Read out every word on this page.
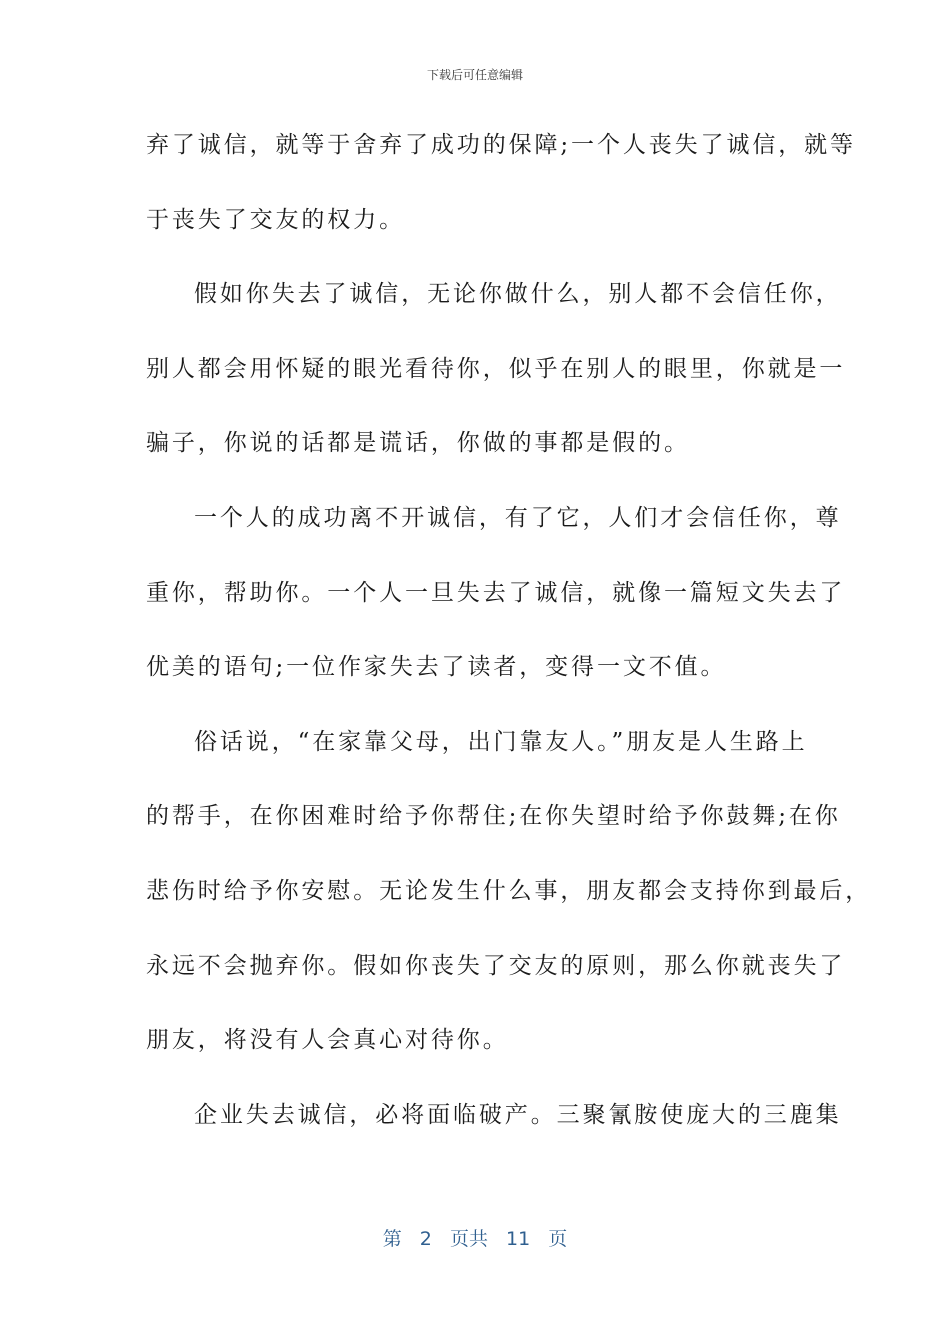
下载后可任意编辑
弃了诚信，就等于舍弃了成功的保障;一个人丧失了诚信，就等
于丧失了交友的权力。
假如你失去了诚信，无论你做什么，别人都不会信任你，
别人都会用怀疑的眼光看待你，似乎在别人的眼里，你就是一
骗子，你说的话都是谎话，你做的事都是假的。
一个人的成功离不开诚信，有了它，人们才会信任你，尊
重你，帮助你。一个人一旦失去了诚信，就像一篇短文失去了
优美的语句;一位作家失去了读者，变得一文不值。
俗话说，“在家靠父母，出门靠友人。”朋友是人生路上
的帮手，在你困难时给予你帮住;在你失望时给予你鼓舞;在你
悲伤时给予你安慰。无论发生什么事，朋友都会支持你到最后，
永远不会抛弃你。假如你丧失了交友的原则，那么你就丧失了
朋友，将没有人会真心对待你。
企业失去诚信，必将面临破产。三聚氰胺使庞大的三鹿集
第 2 页共 11 页
